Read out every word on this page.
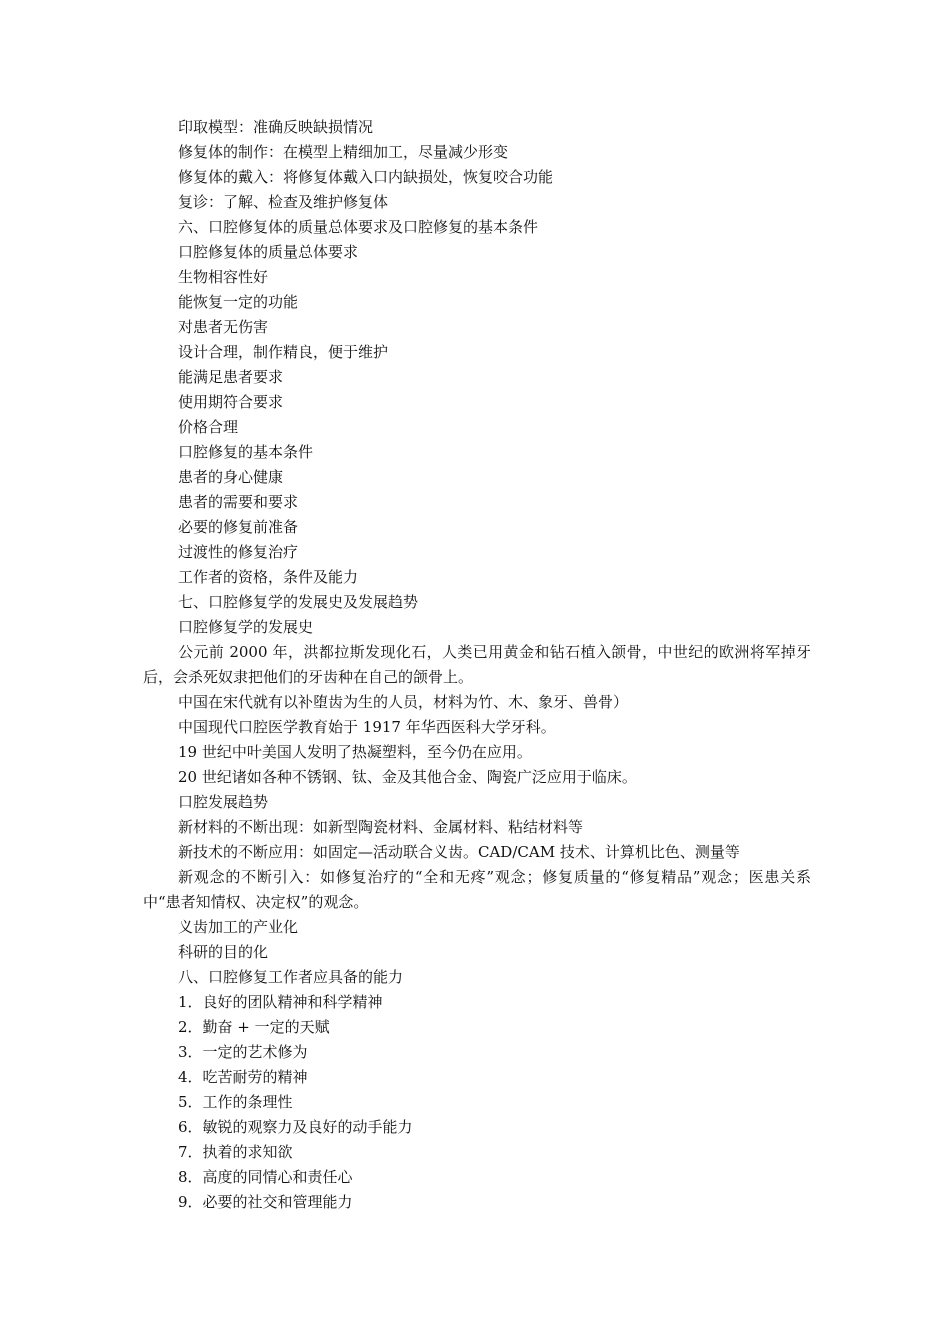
印取模型：准确反映缺损情况

修复体的制作：在模型上精细加工，尽量减少形变

修复体的戴入：将修复体戴入口内缺损处，恢复咬合功能

复诊：了解、检查及维护修复体

六、口腔修复体的质量总体要求及口腔修复的基本条件

口腔修复体的质量总体要求

生物相容性好

能恢复一定的功能

对患者无伤害

设计合理，制作精良，便于维护

能满足患者要求

使用期符合要求

价格合理

口腔修复的基本条件

患者的身心健康

患者的需要和要求

必要的修复前准备

过渡性的修复治疗

工作者的资格，条件及能力

七、口腔修复学的发展史及发展趋势

口腔修复学的发展史

公元前 2000 年，洪都拉斯发现化石，人类已用黄金和钻石植入颌骨，中世纪的欧洲将军掉牙后，会杀死奴隶把他们的牙齿种在自己的颌骨上。

中国在宋代就有以补堕齿为生的人员，材料为竹、木、象牙、兽骨）

中国现代口腔医学教育始于 1917 年华西医科大学牙科。

19 世纪中叶美国人发明了热凝塑料，至今仍在应用。

20 世纪诸如各种不锈钢、钛、金及其他合金、陶瓷广泛应用于临床。

口腔发展趋势

新材料的不断出现：如新型陶瓷材料、金属材料、粘结材料等

新技术的不断应用：如固定—活动联合义齿。CAD/CAM 技术、计算机比色、测量等

新观念的不断引入：如修复治疗的“全和无疼”观念；修复质量的“修复精品”观念；医患关系中“患者知情权、决定权”的观念。

义齿加工的产业化

科研的目的化

八、口腔修复工作者应具备的能力

1．良好的团队精神和科学精神

2．勤奋 + 一定的天赋

3．一定的艺术修为

4．吃苦耐劳的精神

5．工作的条理性

6．敏锐的观察力及良好的动手能力

7．执着的求知欲

8．高度的同情心和责任心

9．必要的社交和管理能力
